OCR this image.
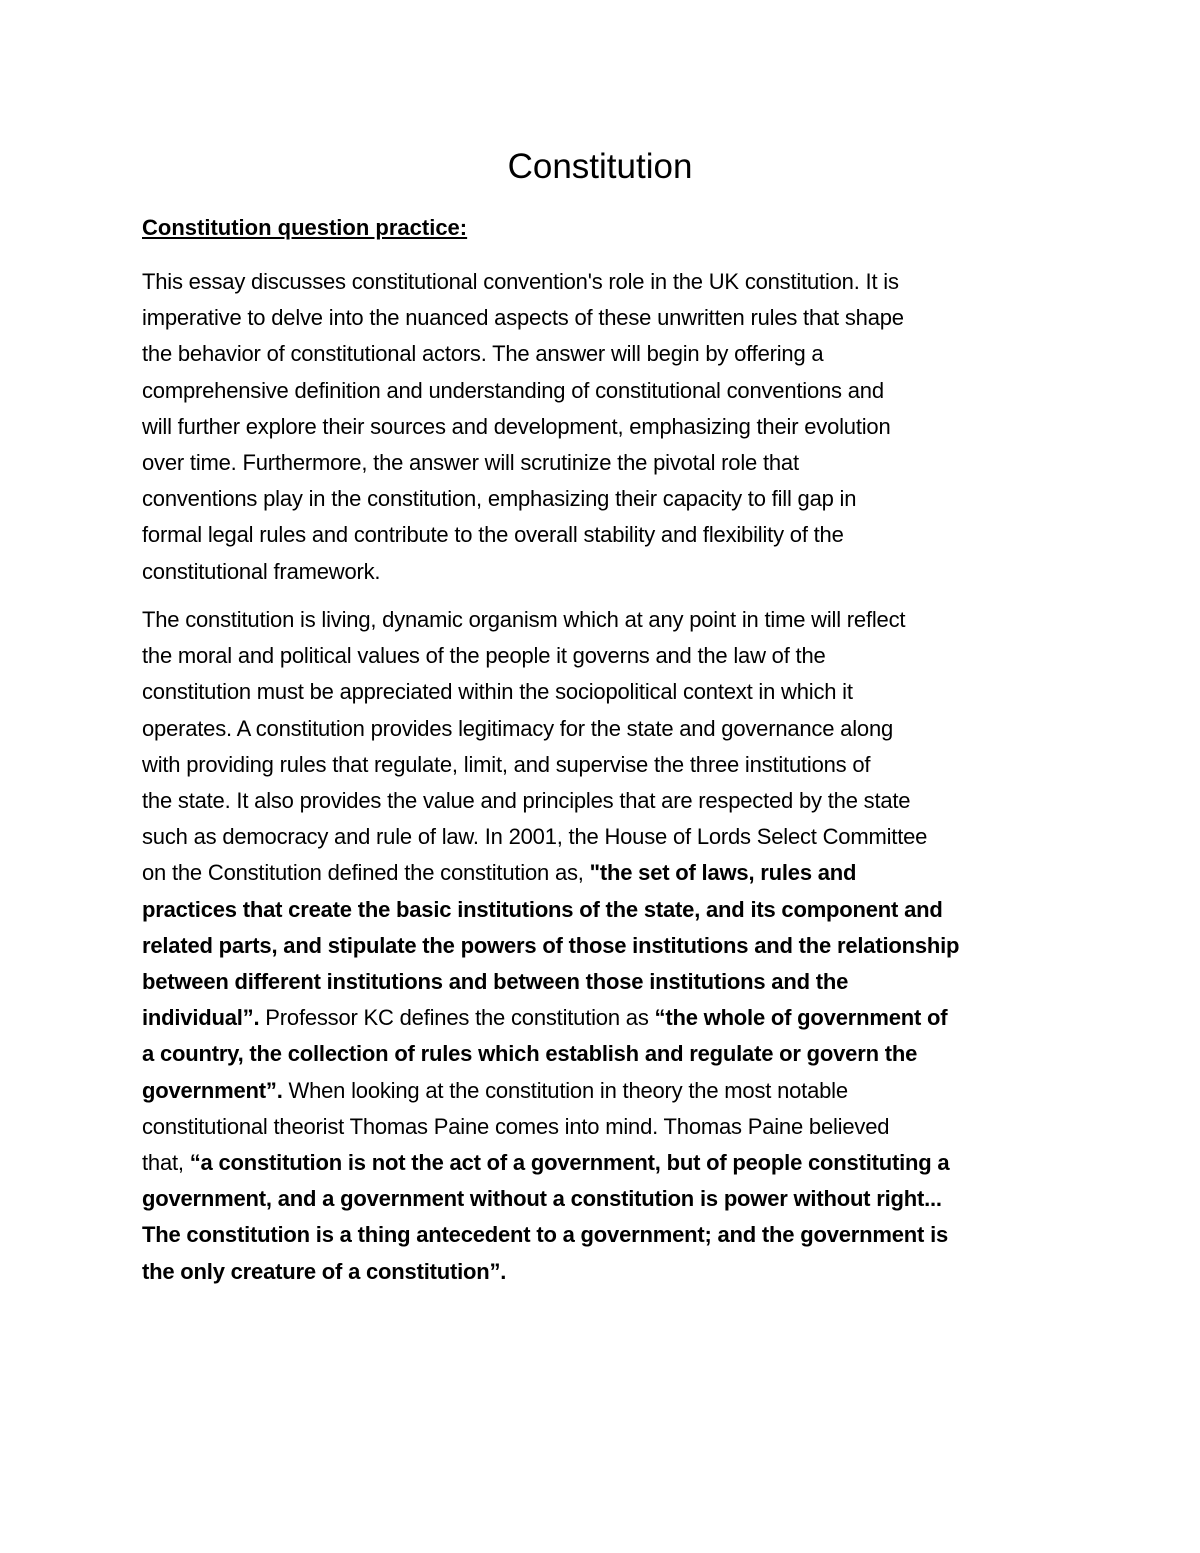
Constitution

Constitution question practice:

This essay discusses constitutional convention's role in the UK constitution. It is
imperative to delve into the nuanced aspects of these unwritten rules that shape
the behavior of constitutional actors. The answer will begin by offering a
comprehensive definition and understanding of constitutional conventions and
will further explore their sources and development, emphasizing their evolution
over time. Furthermore, the answer will scrutinize the pivotal role that
conventions play in the constitution, emphasizing their capacity to fill gap in
formal legal rules and contribute to the overall stability and flexibility of the
constitutional framework.

The constitution is living, dynamic organism which at any point in time will reflect
the moral and political values of the people it governs and the law of the
constitution must be appreciated within the sociopolitical context in which it
operates. A constitution provides legitimacy for the state and governance along
with providing rules that regulate, limit, and supervise the three institutions of
the state. It also provides the value and principles that are respected by the state
such as democracy and rule of law. In 2001, the House of Lords Select Committee
on the Constitution defined the constitution as, "the set of laws, rules and
practices that create the basic institutions of the state, and its component and
related parts, and stipulate the powers of those institutions and the relationship
between different institutions and between those institutions and the
individual”. Professor KC defines the constitution as “the whole of government of
a country, the collection of rules which establish and regulate or govern the
government”. When looking at the constitution in theory the most notable
constitutional theorist Thomas Paine comes into mind. Thomas Paine believed
that, “a constitution is not the act of a government, but of people constituting a
government, and a government without a constitution is power without right...
The constitution is a thing antecedent to a government; and the government is
the only creature of a constitution”.
